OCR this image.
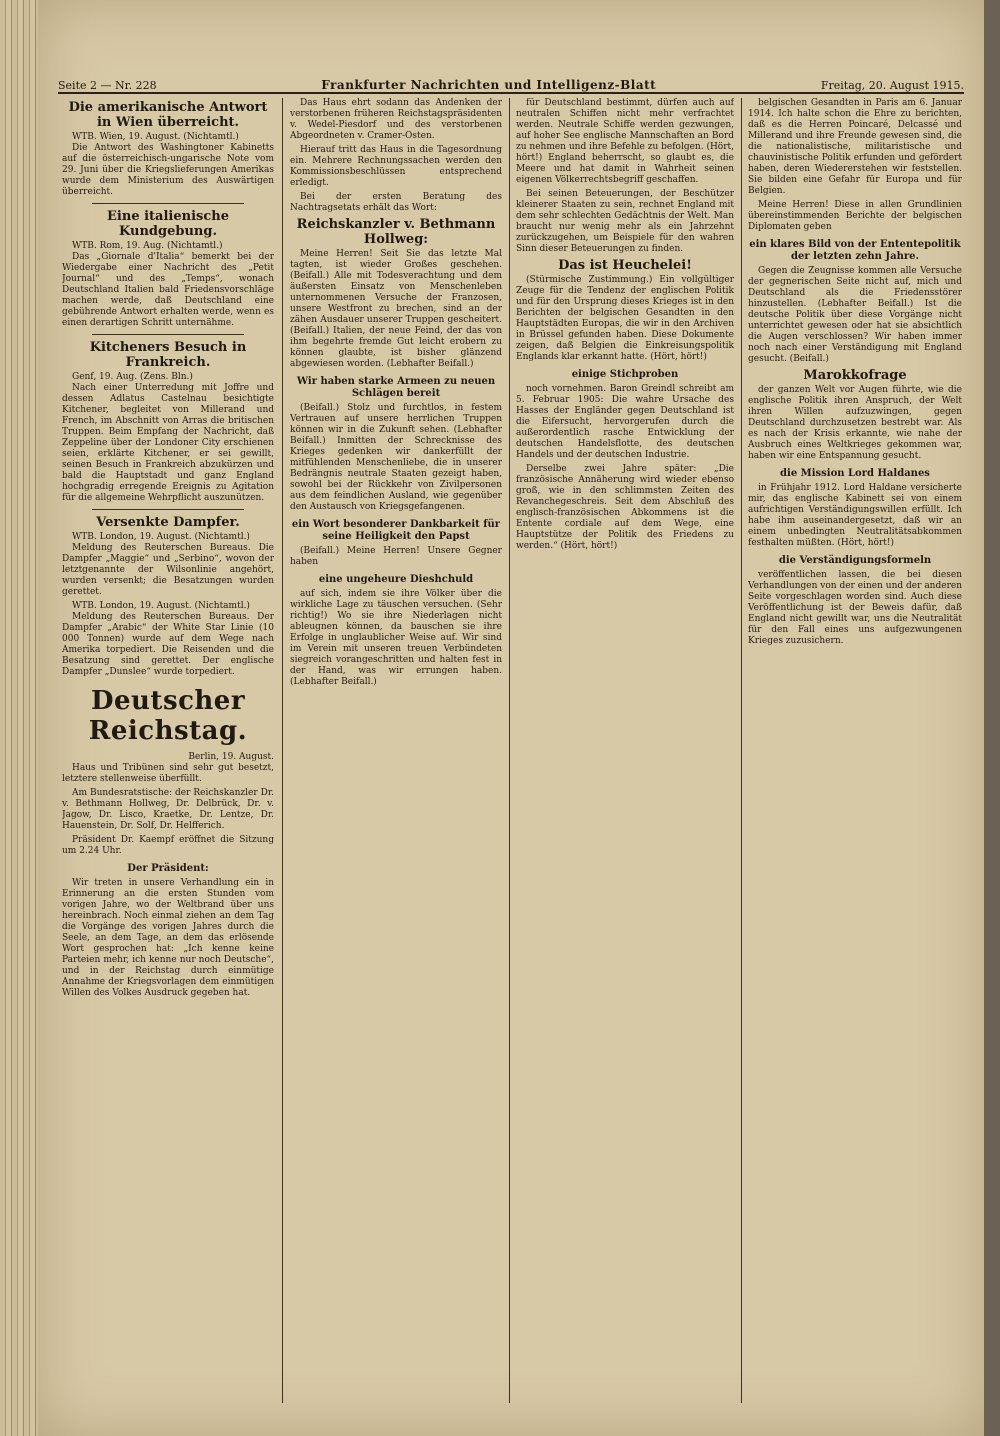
Seite 2 — Nr. 228	Frankfurter Nachrichten und Intelligenz-Blatt	Freitag, 20. August 1915.
Die amerikanische Antwort in Wien überreicht.
WTB. Wien, 19. August. (Nichtamtl.)

Die Antwort des Washingtoner Kabinetts auf die österreichisch-ungarische Note vom 29. Juni über die Kriegslieferungen Amerikas wurde dem Ministerium des Auswärtigen überreicht.

Eine italienische Kundgebung.
WTB. Rom, 19. Aug. (Nichtamtl.)

Das „Giornale d'Italia“ bemerkt bei der Wiedergabe einer Nachricht des „Petit Journal“ und des „Temps“, wonach Deutschland Italien bald Friedensvorschläge machen werde, daß Deutschland eine gebührende Antwort erhalten werde, wenn es einen derartigen Schritt unternähme.

Kitcheners Besuch in Frankreich.
Genf, 19. Aug. (Zens. Bln.)

Nach einer Unterredung mit Joffre und dessen Adlatus Castelnau besichtigte Kitchener, begleitet von Millerand und French, im Abschnitt von Arras die britischen Truppen. Beim Empfang der Nachricht, daß Zeppeline über der Londoner City erschienen seien, erklärte Kitchener, er sei gewillt, seinen Besuch in Frankreich abzukürzen und bald die Hauptstadt und ganz England hochgradig erregende Ereignis zu Agitation für die allgemeine Wehrpflicht auszunützen.

Versenkte Dampfer.
WTB. London, 19. August. (Nichtamtl.)

Meldung des Reuterschen Bureaus. Die Dampfer „Maggie“ und „Serbino“, wovon der letztgenannte der Wilsonlinie angehört, wurden versenkt; die Besatzungen wurden gerettet.

WTB. London, 19. August. (Nichtamtl.)

Meldung des Reuterschen Bureaus. Der Dampfer „Arabic“ der White Star Linie (10 000 Tonnen) wurde auf dem Wege nach Amerika torpediert. Die Reisenden und die Besatzung sind gerettet. Der englische Dampfer „Dunslee“ wurde torpediert.

Deutscher Reichstag.
Berlin, 19. August.

Haus und Tribünen sind sehr gut besetzt, letztere stellenweise überfüllt.

Am Bundesratstische: der Reichskanzler Dr. v. Bethmann Hollweg, Dr. Delbrück, Dr. v. Jagow, Dr. Lisco, Kraetke, Dr. Lentze, Dr. Hauenstein, Dr. Solf, Dr. Helfferich.

Präsident Dr. Kaempf eröffnet die Sitzung um 2.24 Uhr.

Der Präsident:

Wir treten in unsere Verhandlung ein in Erinnerung an die ersten Stunden vom vorigen Jahre, wo der Weltbrand über uns hereinbrach. Noch einmal ziehen an dem Tag die Vorgänge des vorigen Jahres durch die Seele, an dem Tage, an dem das erlösende Wort gesprochen hat: „Ich kenne keine Parteien mehr, ich kenne nur noch Deutsche“, und in der Reichstag durch einmütige Annahme der Kriegsvorlagen dem einmütigen Willen des Volkes Ausdruck gegeben hat.

Das Haus ehrt sodann das Andenken der verstorbenen früheren Reichstagspräsidenten v. Wedel-Piesdorf und des verstorbenen Abgeordneten v. Cramer-Osten.

Hierauf tritt das Haus in die Tagesordnung ein. Mehrere Rechnungssachen werden den Kommissionsbeschlüssen entsprechend erledigt.

Bei der ersten Beratung des Nachtragsetats erhält das Wort:

Reichskanzler v. Bethmann Hollweg:

Meine Herren! Seit Sie das letzte Mal tagten, ist wieder Großes geschehen. (Beifall.) Alle mit Todesverachtung und dem äußersten Einsatz von Menschenleben unternommenen Versuche der Franzosen, unsere Westfront zu brechen, sind an der zähen Ausdauer unserer Truppen gescheitert. (Beifall.) Italien, der neue Feind, der das von ihm begehrte fremde Gut leicht erobern zu können glaubte, ist bisher glänzend abgewiesen worden. (Lebhafter Beifall.)

Wir haben starke Armeen zu neuen Schlägen bereit

(Beifall.) Stolz und furchtlos, in festem Vertrauen auf unsere herrlichen Truppen können wir in die Zukunft sehen. (Lebhafter Beifall.) Inmitten der Schrecknisse des Krieges gedenken wir dankerfüllt der mitfühlenden Menschenliebe, die in unserer Bedrängnis neutrale Staaten gezeigt haben, sowohl bei der Rückkehr von Zivilpersonen aus dem feindlichen Ausland, wie gegenüber den Austausch von Kriegsgefangenen.

ein Wort besonderer Dankbarkeit für seine Heiligkeit den Papst

(Beifall.) Meine Herren! Unsere Gegner haben

eine ungeheure Dieshchuld

auf sich, indem sie ihre Völker über die wirkliche Lage zu täuschen versuchen. (Sehr richtig!) Wo sie ihre Niederlagen nicht ableugnen können, da bauschen sie ihre Erfolge in unglaublicher Weise auf. Wir sind im Verein mit unseren treuen Verbündeten siegreich vorangeschritten und halten fest in der Hand, was wir errungen haben. (Lebhafter Beifall.)

für Deutschland bestimmt, dürfen auch auf neutralen Schiffen nicht mehr verfrachtet werden. Neutrale Schiffe werden gezwungen, auf hoher See englische Mannschaften an Bord zu nehmen und ihre Befehle zu befolgen. (Hört, hört!) England beherrscht, so glaubt es, die Meere und hat damit in Wahrheit seinen eigenen Völkerrechtsbegriff geschaffen.

Bei seinen Beteuerungen, der Beschützer kleinerer Staaten zu sein, rechnet England mit dem sehr schlechten Gedächtnis der Welt. Man braucht nur wenig mehr als ein Jahrzehnt zurückzugehen, um Beispiele für den wahren Sinn dieser Beteuerungen zu finden.

Das ist Heuchelei!

(Stürmische Zustimmung.) Ein vollgültiger Zeuge für die Tendenz der englischen Politik und für den Ursprung dieses Krieges ist in den Berichten der belgischen Gesandten in den Hauptstädten Europas, die wir in den Archiven in Brüssel gefunden haben. Diese Dokumente zeigen, daß Belgien die Einkreisungspolitik Englands klar erkannt hatte. (Hört, hört!)

einige Stichproben

noch vornehmen. Baron Greindl schreibt am 5. Februar 1905: Die wahre Ursache des Hasses der Engländer gegen Deutschland ist die Eifersucht, hervorgerufen durch die außerordentlich rasche Entwicklung der deutschen Handelsflotte, des deutschen Handels und der deutschen Industrie.

Derselbe zwei Jahre später: „Die französische Annäherung wird wieder ebenso groß, wie in den schlimmsten Zeiten des Revanchegeschreis. Seit dem Abschluß des englisch-französischen Abkommens ist die Entente cordiale auf dem Wege, eine Hauptstütze der Politik des Friedens zu werden.“ (Hört, hört!)

belgischen Gesandten in Paris am 6. Januar 1914. Ich halte schon die Ehre zu berichten, daß es die Herren Poincaré, Delcassé und Millerand und ihre Freunde gewesen sind, die die nationalistische, militaristische und chauvinistische Politik erfunden und gefördert haben, deren Wiedererstehen wir feststellen. Sie bilden eine Gefahr für Europa und für Belgien.

Meine Herren! Diese in allen Grundlinien übereinstimmenden Berichte der belgischen Diplomaten geben

ein klares Bild von der Ententepolitik der letzten zehn Jahre.

Gegen die Zeugnisse kommen alle Versuche der gegnerischen Seite nicht auf, mich und Deutschland als die Friedensstörer hinzustellen. (Lebhafter Beifall.) Ist die deutsche Politik über diese Vorgänge nicht unterrichtet gewesen oder hat sie absichtlich die Augen verschlossen? Wir haben immer noch nach einer Verständigung mit England gesucht. (Beifall.)

Marokkofrage

der ganzen Welt vor Augen führte, wie die englische Politik ihren Anspruch, der Welt ihren Willen aufzuzwingen, gegen Deutschland durchzusetzen bestrebt war. Als es nach der Krisis erkannte, wie nahe der Ausbruch eines Weltkrieges gekommen war, haben wir eine Entspannung gesucht.

die Mission Lord Haldanes

in Frühjahr 1912. Lord Haldane versicherte mir, das englische Kabinett sei von einem aufrichtigen Verständigungswillen erfüllt. Ich habe ihm auseinandergesetzt, daß wir an einem unbedingten Neutralitätsabkommen festhalten müßten. (Hört, hört!)

die Verständigungsformeln

veröffentlichen lassen, die bei diesen Verhandlungen von der einen und der anderen Seite vorgeschlagen worden sind. Auch diese Veröffentlichung ist der Beweis dafür, daß England nicht gewillt war, uns die Neutralität für den Fall eines uns aufgezwungenen Krieges zuzusichern.
